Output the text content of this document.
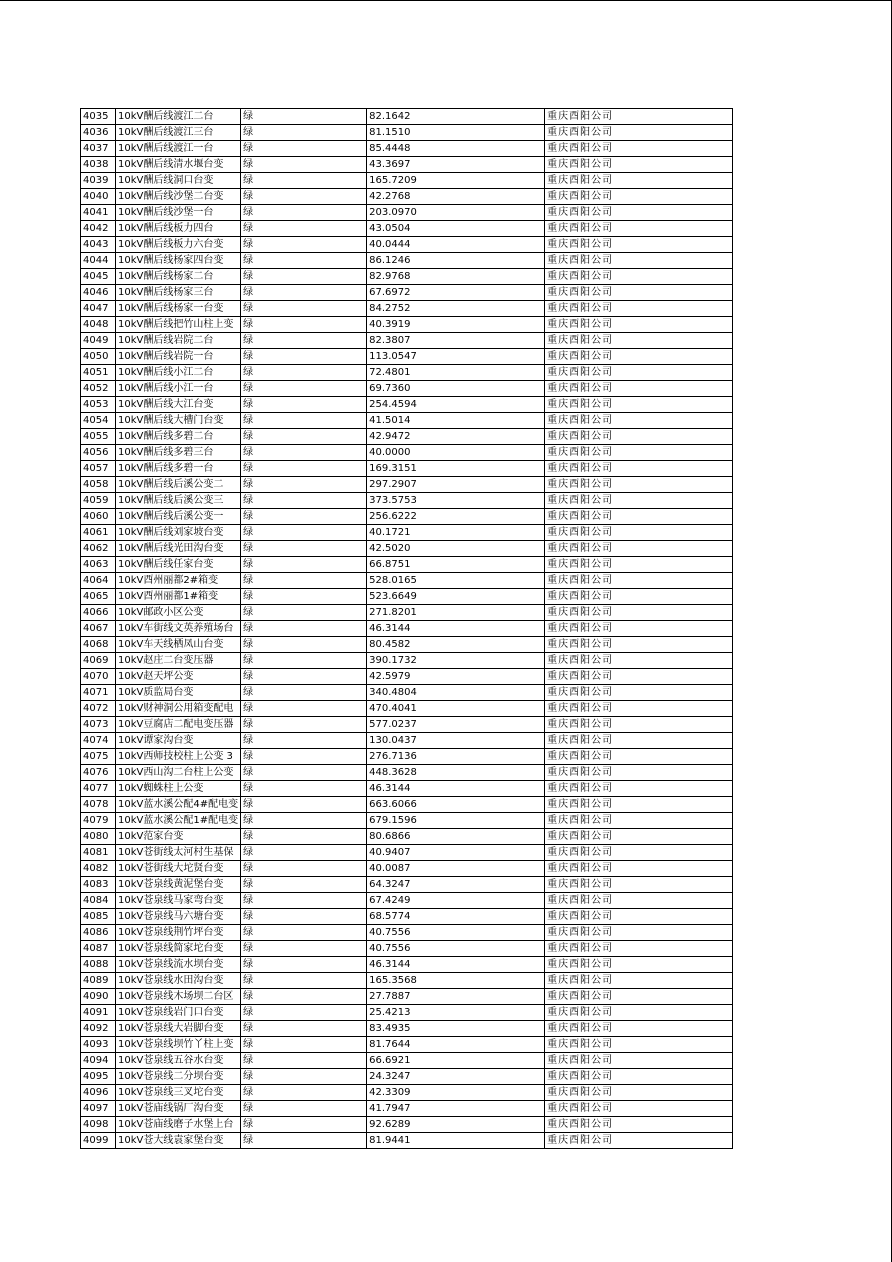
4035	10kV酬后线渡江二台	绿	82.1642	重庆酉阳公司
4036	10kV酬后线渡江三台	绿	81.1510	重庆酉阳公司
4037	10kV酬后线渡江一台	绿	85.4448	重庆酉阳公司
4038	10kV酬后线清水堰台变	绿	43.3697	重庆酉阳公司
4039	10kV酬后线洞口台变	绿	165.7209	重庆酉阳公司
4040	10kV酬后线沙堡二台变	绿	42.2768	重庆酉阳公司
4041	10kV酬后线沙堡一台	绿	203.0970	重庆酉阳公司
4042	10kV酬后线板力四台	绿	43.0504	重庆酉阳公司
4043	10kV酬后线板力六台变	绿	40.0444	重庆酉阳公司
4044	10kV酬后线杨家四台变	绿	86.1246	重庆酉阳公司
4045	10kV酬后线杨家二台	绿	82.9768	重庆酉阳公司
4046	10kV酬后线杨家三台	绿	67.6972	重庆酉阳公司
4047	10kV酬后线杨家一台变	绿	84.2752	重庆酉阳公司
4048	10kV酬后线把竹山柱上变	绿	40.3919	重庆酉阳公司
4049	10kV酬后线岩院二台	绿	82.3807	重庆酉阳公司
4050	10kV酬后线岩院一台	绿	113.0547	重庆酉阳公司
4051	10kV酬后线小江二台	绿	72.4801	重庆酉阳公司
4052	10kV酬后线小江一台	绿	69.7360	重庆酉阳公司
4053	10kV酬后线大江台变	绿	254.4594	重庆酉阳公司
4054	10kV酬后线大槽门台变	绿	41.5014	重庆酉阳公司
4055	10kV酬后线多碧二台	绿	42.9472	重庆酉阳公司
4056	10kV酬后线多碧三台	绿	40.0000	重庆酉阳公司
4057	10kV酬后线多碧一台	绿	169.3151	重庆酉阳公司
4058	10kV酬后线后溪公变二	绿	297.2907	重庆酉阳公司
4059	10kV酬后线后溪公变三	绿	373.5753	重庆酉阳公司
4060	10kV酬后线后溪公变一	绿	256.6222	重庆酉阳公司
4061	10kV酬后线刘家坡台变	绿	40.1721	重庆酉阳公司
4062	10kV酬后线光田沟台变	绿	42.5020	重庆酉阳公司
4063	10kV酬后线任家台变	绿	66.8751	重庆酉阳公司
4064	10kV酉州丽都2#箱变	绿	528.0165	重庆酉阳公司
4065	10kV酉州丽都1#箱变	绿	523.6649	重庆酉阳公司
4066	10kV邮政小区公变	绿	271.8201	重庆酉阳公司
4067	10kV车街线文英养殖场台	绿	46.3144	重庆酉阳公司
4068	10kV车天线栖凤山台变	绿	80.4582	重庆酉阳公司
4069	10kV赵庄二台变压器	绿	390.1732	重庆酉阳公司
4070	10kV赵天坪公变	绿	42.5979	重庆酉阳公司
4071	10kV质监局台变	绿	340.4804	重庆酉阳公司
4072	10kV财神洞公用箱变配电	绿	470.4041	重庆酉阳公司
4073	10kV豆腐店二配电变压器	绿	577.0237	重庆酉阳公司
4074	10kV谭家沟台变	绿	130.0437	重庆酉阳公司
4075	10kV西师技校柱上公变 3	绿	276.7136	重庆酉阳公司
4076	10kV西山沟二台柱上公变	绿	448.3628	重庆酉阳公司
4077	10kV蜘蛛柱上公变	绿	46.3144	重庆酉阳公司
4078	10kV蓝水溪公配4#配电变	绿	663.6066	重庆酉阳公司
4079	10kV蓝水溪公配1#配电变	绿	679.1596	重庆酉阳公司
4080	10kV范家台变	绿	80.6866	重庆酉阳公司
4081	10kV苍街线太河村生基保	绿	40.9407	重庆酉阳公司
4082	10kV苍街线大坨贤台变	绿	40.0087	重庆酉阳公司
4083	10kV苍泉线黄泥堡台变	绿	64.3247	重庆酉阳公司
4084	10kV苍泉线马家弯台变	绿	67.4249	重庆酉阳公司
4085	10kV苍泉线马六塘台变	绿	68.5774	重庆酉阳公司
4086	10kV苍泉线荆竹坪台变	绿	40.7556	重庆酉阳公司
4087	10kV苍泉线简家坨台变	绿	40.7556	重庆酉阳公司
4088	10kV苍泉线流水坝台变	绿	46.3144	重庆酉阳公司
4089	10kV苍泉线水田沟台变	绿	165.3568	重庆酉阳公司
4090	10kV苍泉线木场坝二台区	绿	27.7887	重庆酉阳公司
4091	10kV苍泉线岩门口台变	绿	25.4213	重庆酉阳公司
4092	10kV苍泉线大岩脚台变	绿	83.4935	重庆酉阳公司
4093	10kV苍泉线坝竹丫柱上变	绿	81.7644	重庆酉阳公司
4094	10kV苍泉线五谷水台变	绿	66.6921	重庆酉阳公司
4095	10kV苍泉线二分坝台变	绿	24.3247	重庆酉阳公司
4096	10kV苍泉线三叉坨台变	绿	42.3309	重庆酉阳公司
4097	10kV苍庙线锅厂沟台变	绿	41.7947	重庆酉阳公司
4098	10kV苍庙线磨子水堡上台	绿	92.6289	重庆酉阳公司
4099	10kV苍大线袁家堡台变	绿	81.9441	重庆酉阳公司
